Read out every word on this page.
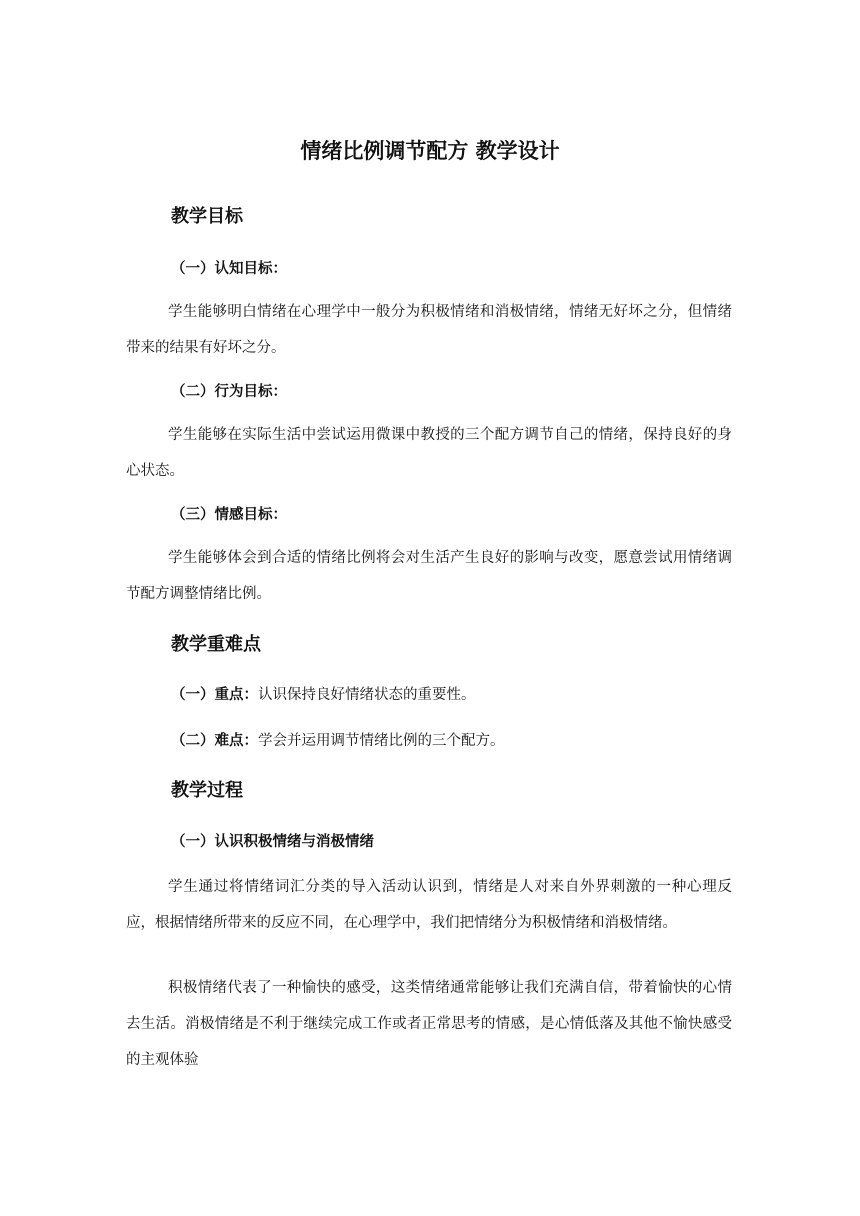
情绪比例调节配方 教学设计
教学目标
（一）认知目标：
学生能够明白情绪在心理学中一般分为积极情绪和消极情绪，情绪无好坏之分，但情绪带来的结果有好坏之分。
（二）行为目标：
学生能够在实际生活中尝试运用微课中教授的三个配方调节自己的情绪，保持良好的身心状态。
（三）情感目标：
学生能够体会到合适的情绪比例将会对生活产生良好的影响与改变，愿意尝试用情绪调节配方调整情绪比例。
教学重难点
（一）重点：认识保持良好情绪状态的重要性。
（二）难点：学会并运用调节情绪比例的三个配方。
教学过程
（一）认识积极情绪与消极情绪
学生通过将情绪词汇分类的导入活动认识到，情绪是人对来自外界刺激的一种心理反应，根据情绪所带来的反应不同，在心理学中，我们把情绪分为积极情绪和消极情绪。
积极情绪代表了一种愉快的感受，这类情绪通常能够让我们充满自信，带着愉快的心情去生活。消极情绪是不利于继续完成工作或者正常思考的情感，是心情低落及其他不愉快感受的主观体验
